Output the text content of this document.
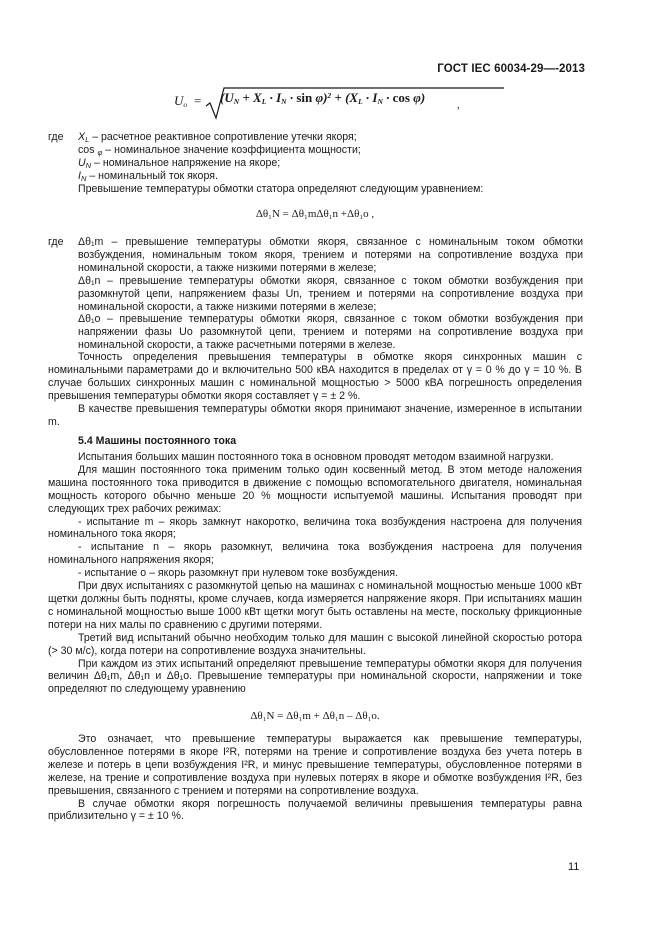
ГОСТ IEC 60034-29—-2013
$U_o = (U_N + X_L \cdot I_N \cdot \sin \varphi)^2 + (X_L \cdot I_N \cdot \cos \varphi)$	,
где $X_L$ – расчетное реактивное сопротивление утечки якоря;

cos $_\varphi$ – номинальное значение коэффициента мощности;

$U_N$ – номинальное напряжение на якоре;

$I_N$ – номинальный ток якоря.

Превышение температуры обмотки статора определяют следующим уравнением:

Δθ₁N = Δθ₁mΔθ₁n +Δθ₁o ,
где Δθ₁m – превышение температуры обмотки якоря, связанное с номинальным током обмотки возбуждения, номинальным током якоря, трением и потерями на сопротивление воздуха при номинальной скорости, а также низкими потерями в железе;

Δθ₁n – превышение температуры обмотки якоря, связанное с током обмотки возбуждения при разомкнутой цепи, напряжением фазы Un, трением и потерями на сопротивление воздуха при номинальной скорости, а также низкими потерями в железе;

Δθ₁o – превышение температуры обмотки якоря, связанное с током обмотки возбуждения при напряжении фазы Uo разомкнутой цепи, трением и потерями на сопротивление воздуха при номинальной скорости, а также расчетными потерями в железе.

Точность определения превышения температуры в обмотке якоря синхронных машин с номинальными параметрами до и включительно 500 кВА находится в пределах от γ = 0 % до γ = 10 %. В случае больших синхронных машин с номинальной мощностью > 5000 кВА погрешность определения превышения температуры обмотки якоря составляет γ = ± 2 %.

В качестве превышения температуры обмотки якоря принимают значение, измеренное в испытании m.

5.4 Машины постоянного тока

Испытания больших машин постоянного тока в основном проводят методом взаимной нагрузки.

Для машин постоянного тока применим только один косвенный метод. В этом методе наложения машина постоянного тока приводится в движение с помощью вспомогательного двигателя, номинальная мощность которого обычно меньше 20 % мощности испытуемой машины. Испытания проводят при следующих трех рабочих режимах:

- испытание m – якорь замкнут накоротко, величина тока возбуждения настроена для получения номинального тока якоря;

- испытание n – якорь разомкнут, величина тока возбуждения настроена для получения номинального напряжения якоря;

- испытание o – якорь разомкнут при нулевом токе возбуждения.

При двух испытаниях с разомкнутой цепью на машинах с номинальной мощностью меньше 1000 кВт щетки должны быть подняты, кроме случаев, когда измеряется напряжение якоря. При испытаниях машин с номинальной мощностью выше 1000 кВт щетки могут быть оставлены на месте, поскольку фрикционные потери на них малы по сравнению с другими потерями.

Третий вид испытаний обычно необходим только для машин с высокой линейной скоростью ротора (> 30 м/с), когда потери на сопротивление воздуха значительны.

При каждом из этих испытаний определяют превышение температуры обмотки якоря для получения величин Δθ₁m, Δθ₁n и Δθ₁o. Превышение температуры при номинальной скорости, напряжении и токе определяют по следующему уравнению

Δθ₁N = Δθ₁m + Δθ₁n – Δθ₁o.

Это означает, что превышение температуры выражается как превышение температуры, обусловленное потерями в якоре I²R, потерями на трение и сопротивление воздуха без учета потерь в железе и потерь в цепи возбуждения I²R, и минус превышение температуры, обусловленное потерями в железе, на трение и сопротивление воздуха при нулевых потерях в якоре и обмотке возбуждения I²R, без превышения, связанного с трением и потерями на сопротивление воздуха.

В случае обмотки якоря погрешность получаемой величины превышения температуры равна приблизительно γ = ± 10 %.

11
